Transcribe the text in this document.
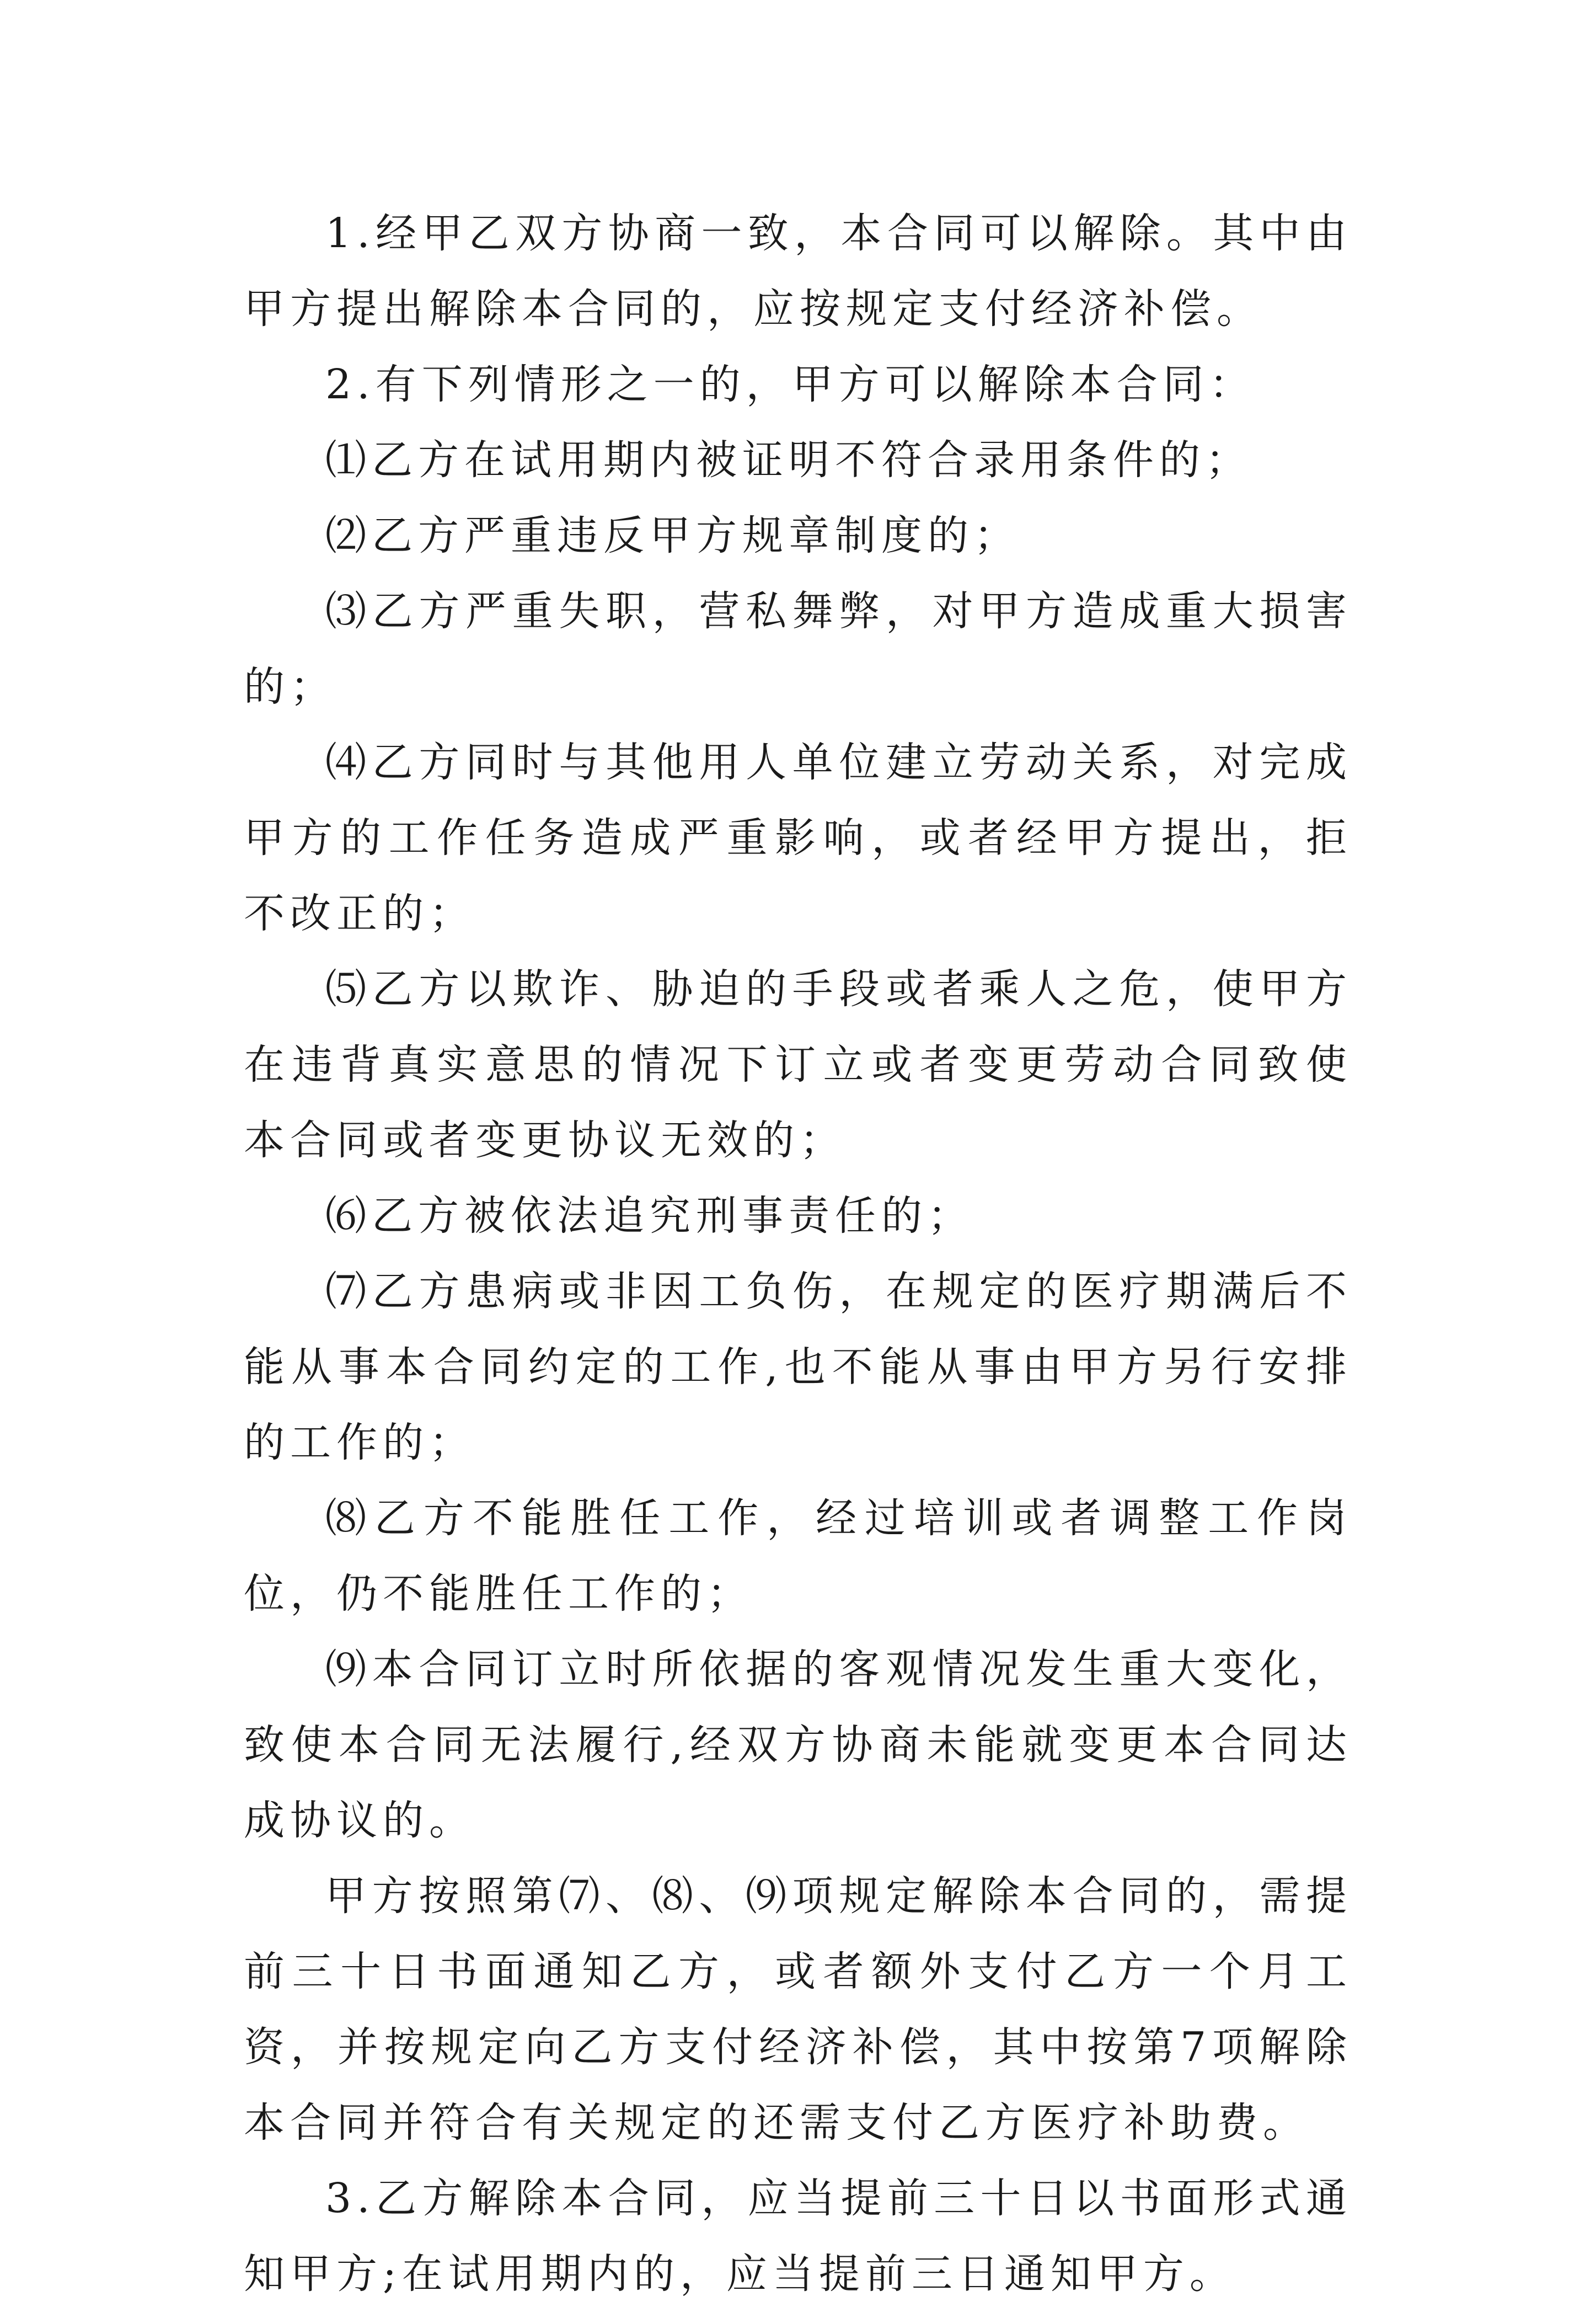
1.经甲乙双方协商一致，本合同可以解除。其中由甲方提出解除本合同的，应按规定支付经济补偿。

2.有下列情形之一的，甲方可以解除本合同：

⑴乙方在试用期内被证明不符合录用条件的；

⑵乙方严重违反甲方规章制度的；

⑶乙方严重失职，营私舞弊，对甲方造成重大损害的；

⑷乙方同时与其他用人单位建立劳动关系，对完成甲方的工作任务造成严重影响，或者经甲方提出，拒不改正的；

⑸乙方以欺诈、胁迫的手段或者乘人之危，使甲方在违背真实意思的情况下订立或者变更劳动合同致使本合同或者变更协议无效的；

⑹乙方被依法追究刑事责任的；

⑺乙方患病或非因工负伤，在规定的医疗期满后不能从事本合同约定的工作,也不能从事由甲方另行安排的工作的；

⑻乙方不能胜任工作，经过培训或者调整工作岗位，仍不能胜任工作的；

⑼本合同订立时所依据的客观情况发生重大变化，致使本合同无法履行,经双方协商未能就变更本合同达成协议的。

甲方按照第⑺、⑻、⑼项规定解除本合同的，需提前三十日书面通知乙方，或者额外支付乙方一个月工资，并按规定向乙方支付经济补偿，其中按第7项解除本合同并符合有关规定的还需支付乙方医疗补助费。

3.乙方解除本合同，应当提前三十日以书面形式通知甲方;在试用期内的，应当提前三日通知甲方。
